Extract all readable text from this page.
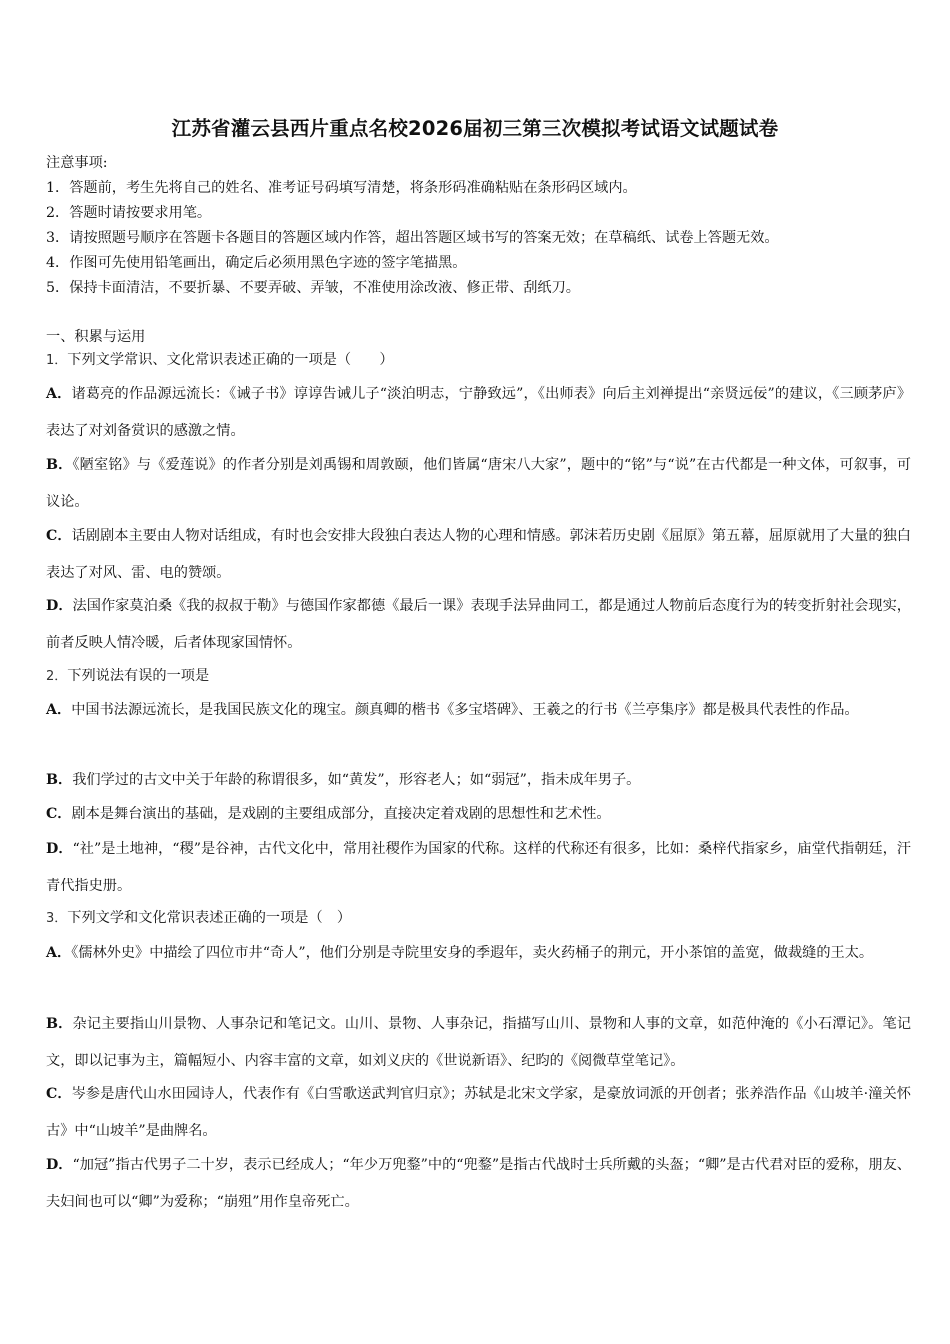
江苏省灌云县西片重点名校2026届初三第三次模拟考试语文试题试卷
注意事项:
1．答题前，考生先将自己的姓名、准考证号码填写清楚，将条形码准确粘贴在条形码区域内。
2．答题时请按要求用笔。
3．请按照题号顺序在答题卡各题目的答题区域内作答，超出答题区域书写的答案无效；在草稿纸、试卷上答题无效。
4．作图可先使用铅笔画出，确定后必须用黑色字迹的签字笔描黑。
5．保持卡面清洁，不要折暴、不要弄破、弄皱，不准使用涂改液、修正带、刮纸刀。
一、积累与运用
1．下列文学常识、文化常识表述正确的一项是（　　）
A．诸葛亮的作品源远流长：《诫子书》谆谆告诫儿子“淡泊明志，宁静致远”，《出师表》向后主刘禅提出“亲贤远佞”的建议，《三顾茅庐》表达了对刘备赏识的感激之情。
B．《陋室铭》与《爱莲说》的作者分别是刘禹锡和周敦颐，他们皆属“唐宋八大家”，题中的“铭”与“说”在古代都是一种文体，可叙事，可议论。
C．话剧剧本主要由人物对话组成，有时也会安排大段独白表达人物的心理和情感。郭沫若历史剧《屈原》第五幕，屈原就用了大量的独白表达了对风、雷、电的赞颂。
D．法国作家莫泊桑《我的叔叔于勒》与德国作家都德《最后一课》表现手法异曲同工，都是通过人物前后态度行为的转变折射社会现实，前者反映人情冷暖，后者体现家国情怀。
2．下列说法有误的一项是
A．中国书法源远流长，是我国民族文化的瑰宝。颜真卿的楷书《多宝塔碑》、王羲之的行书《兰亭集序》都是极具代表性的作品。
B．我们学过的古文中关于年龄的称谓很多，如“黄发”，形容老人；如“弱冠”，指未成年男子。
C．剧本是舞台演出的基础，是戏剧的主要组成部分，直接决定着戏剧的思想性和艺术性。
D．“社”是土地神，“稷”是谷神，古代文化中，常用社稷作为国家的代称。这样的代称还有很多，比如：桑梓代指家乡，庙堂代指朝廷，汗青代指史册。
3．下列文学和文化常识表述正确的一项是（　）
A．《儒林外史》中描绘了四位市井“奇人”，他们分别是寺院里安身的季遐年，卖火药桶子的荆元，开小茶馆的盖宽，做裁缝的王太。
B．杂记主要指山川景物、人事杂记和笔记文。山川、景物、人事杂记，指描写山川、景物和人事的文章，如范仲淹的《小石潭记》。笔记文，即以记事为主，篇幅短小、内容丰富的文章，如刘义庆的《世说新语》、纪昀的《阅微草堂笔记》。
C．岑参是唐代山水田园诗人，代表作有《白雪歌送武判官归京》；苏轼是北宋文学家，是豪放词派的开创者；张养浩作品《山坡羊·潼关怀古》中“山坡羊”是曲牌名。
D．“加冠”指古代男子二十岁，表示已经成人；“年少万兜鍪”中的“兜鍪”是指古代战时士兵所戴的头盔；“卿”是古代君对臣的爱称，朋友、夫妇间也可以“卿”为爱称；“崩殂”用作皇帝死亡。
